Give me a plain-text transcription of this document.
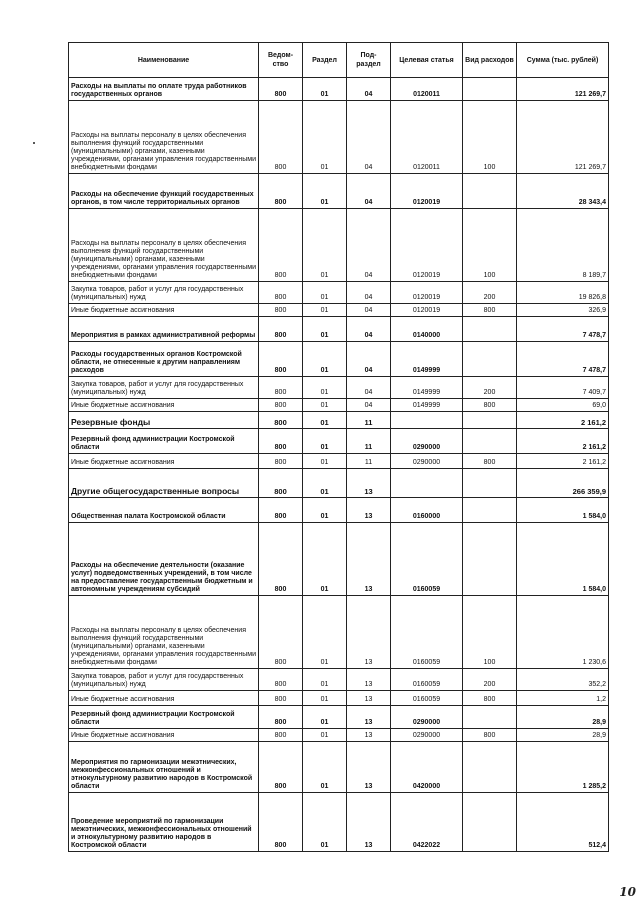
Наименование	Ведом-ство	Раздел	Под-раздел	Целевая статья	Вид расходов	Сумма (тыс. рублей)
Расходы на выплаты по оплате труда работников государственных органов	800	01	04	0120011		121 269,7
Расходы на выплаты персоналу в целях обеспечения выполнения функций государственными (муниципальными) органами, казенными учреждениями, органами управления государственными внебюджетными фондами	800	01	04	0120011	100	121 269,7
Расходы на обеспечение функций государственных органов, в том числе территориальных органов	800	01	04	0120019		28 343,4
Расходы на выплаты персоналу в целях обеспечения выполнения функций государственными (муниципальными) органами, казенными учреждениями, органами управления государственными внебюджетными фондами	800	01	04	0120019	100	8 189,7
Закупка товаров, работ и услуг для государственных (муниципальных) нужд	800	01	04	0120019	200	19 826,8
Иные бюджетные ассигнования	800	01	04	0120019	800	326,9
Мероприятия в рамках административной реформы	800	01	04	0140000		7 478,7
Расходы государственных органов Костромской области, не отнесенные к другим направлениям расходов	800	01	04	0149999		7 478,7
Закупка товаров, работ и услуг для государственных (муниципальных) нужд	800	01	04	0149999	200	7 409,7
Иные бюджетные ассигнования	800	01	04	0149999	800	69,0
Резервные фонды	800	01	11			2 161,2
Резервный фонд администрации Костромской области	800	01	11	0290000		2 161,2
Иные бюджетные ассигнования	800	01	11	0290000	800	2 161,2
Другие общегосударственные вопросы	800	01	13			266 359,9
Общественная палата Костромской области	800	01	13	0160000		1 584,0
Расходы на обеспечение деятельности (оказание услуг) подведомственных учреждений, в том числе на предоставление государственным бюджетным и автономным учреждениям субсидий	800	01	13	0160059		1 584,0
Расходы на выплаты персоналу в целях обеспечения выполнения функций государственными (муниципальными) органами, казенными учреждениями, органами управления государственными внебюджетными фондами	800	01	13	0160059	100	1 230,6
Закупка товаров, работ и услуг для государственных (муниципальных) нужд	800	01	13	0160059	200	352,2
Иные бюджетные ассигнования	800	01	13	0160059	800	1,2
Резервный фонд администрации Костромской области	800	01	13	0290000		28,9
Иные бюджетные ассигнования	800	01	13	0290000	800	28,9
Мероприятия по гармонизации межэтнических, межконфессиональных отношений и этнокультурному развитию народов в Костромской области	800	01	13	0420000		1 285,2
Проведение мероприятий по гармонизации межэтнических, межконфессиональных отношений и этнокультурному развитию народов в Костромской области	800	01	13	0422022		512,4
10
